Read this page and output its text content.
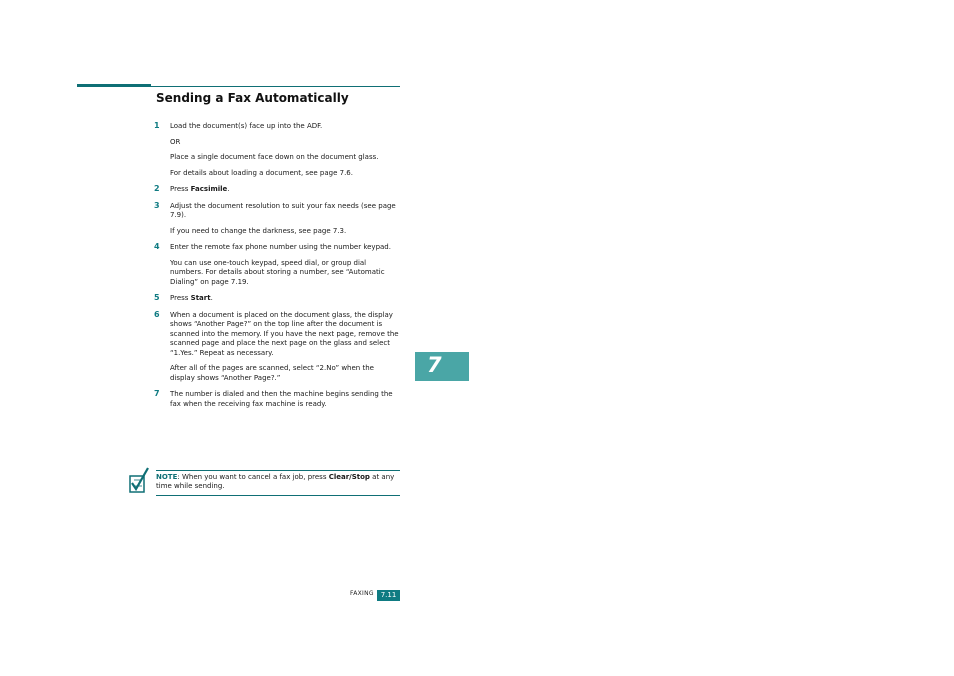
Sending a Fax Automatically
1 Load the document(s) face up into the ADF.

OR

Place a single document face down on the document glass.

For details about loading a document, see page 7.6.

2 Press Facsimile.

3 Adjust the document resolution to suit your fax needs (see page 7.9).

If you need to change the darkness, see page 7.3.

4 Enter the remote fax phone number using the number keypad.

You can use one-touch keypad, speed dial, or group dial numbers. For details about storing a number, see “Automatic Dialing” on page 7.19.

5 Press Start.

6 When a document is placed on the document glass, the display shows “Another Page?” on the top line after the document is scanned into the memory. If you have the next page, remove the scanned page and place the next page on the glass and select “1.Yes.” Repeat as necessary.

After all of the pages are scanned, select “2.No” when the display shows “Another Page?.”

7 The number is dialed and then the machine begins sending the fax when the receiving fax machine is ready.

NOTE: When you want to cancel a fax job, press Clear/Stop at any time while sending.
7
FAXING 7.11
